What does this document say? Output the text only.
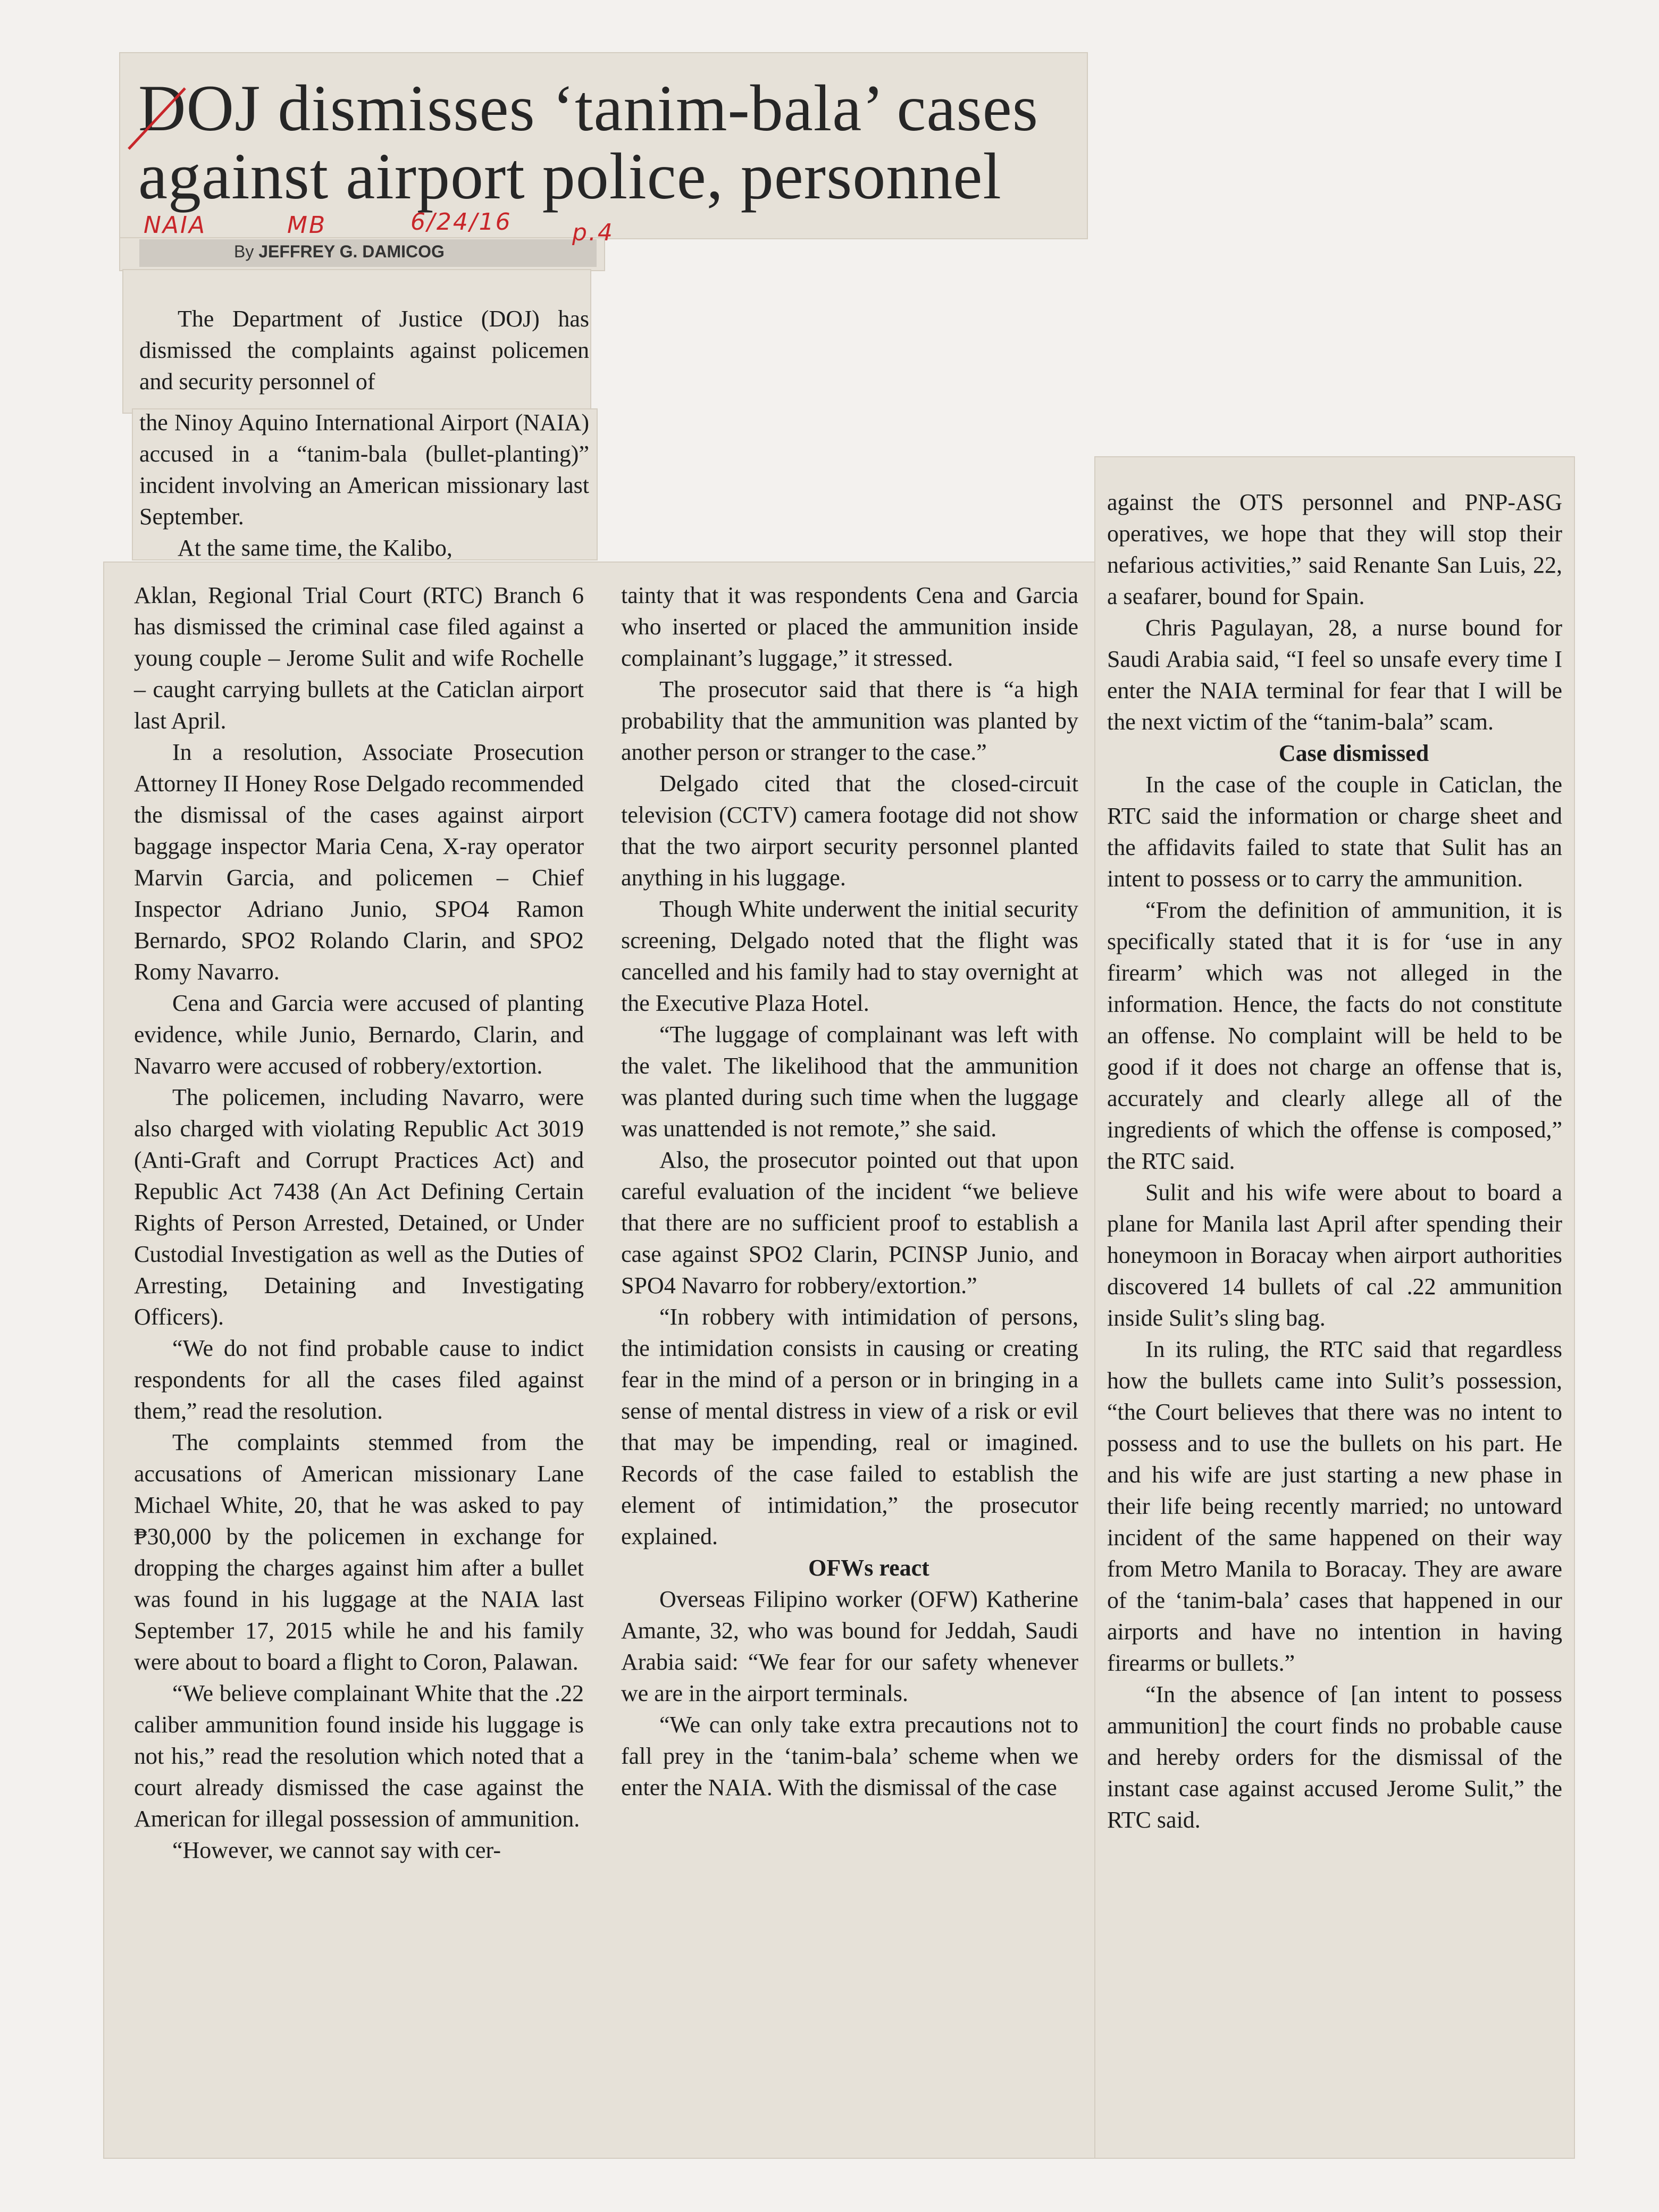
DOJ dismisses ‘tanim-bala’ cases against airport police, personnel
NAIA	MB	6/24/16	p.4
By JEFFREY G. DAMICOG

The Department of Justice (DOJ) has dismissed the complaints against policemen and security personnel of

the Ninoy Aquino International Airport (NAIA) accused in a “tanim-bala (bullet-planting)” incident involving an American missionary last September.

At the same time, the Kalibo,

Aklan, Regional Trial Court (RTC) Branch 6 has dismissed the criminal case filed against a young couple – Jerome Sulit and wife Rochelle – caught carrying bullets at the Caticlan airport last April.

In a resolution, Associate Prosecution Attorney II Honey Rose Delgado recommended the dismissal of the cases against airport baggage inspector Maria Cena, X-ray operator Marvin Garcia, and policemen – Chief Inspector Adriano Junio, SPO4 Ramon Bernardo, SPO2 Rolando Clarin, and SPO2 Romy Navarro.

Cena and Garcia were accused of planting evidence, while Junio, Bernardo, Clarin, and Navarro were accused of robbery/extortion.

The policemen, including Navarro, were also charged with violating Republic Act 3019 (Anti-Graft and Corrupt Practices Act) and Republic Act 7438 (An Act Defining Certain Rights of Person Arrested, Detained, or Under Custodial Investigation as well as the Duties of Arresting, Detaining and Investigating Officers).

“We do not find probable cause to indict respondents for all the cases filed against them,” read the resolution.

The complaints stemmed from the accusations of American missionary Lane Michael White, 20, that he was asked to pay ₱30,000 by the policemen in exchange for dropping the charges against him after a bullet was found in his luggage at the NAIA last September 17, 2015 while he and his family were about to board a flight to Coron, Palawan.

“We believe complainant White that the .22 caliber ammunition found inside his luggage is not his,” read the resolution which noted that a court already dismissed the case against the American for illegal possession of ammunition.

“However, we cannot say with cer-

tainty that it was respondents Cena and Garcia who inserted or placed the ammunition inside complainant’s luggage,” it stressed.

The prosecutor said that there is “a high probability that the ammunition was planted by another person or stranger to the case.”

Delgado cited that the closed-circuit television (CCTV) camera footage did not show that the two airport security personnel planted anything in his luggage.

Though White underwent the initial security screening, Delgado noted that the flight was cancelled and his family had to stay overnight at the Executive Plaza Hotel.

“The luggage of complainant was left with the valet. The likelihood that the ammunition was planted during such time when the luggage was unattended is not remote,” she said.

Also, the prosecutor pointed out that upon careful evaluation of the incident “we believe that there are no sufficient proof to establish a case against SPO2 Clarin, PCINSP Junio, and SPO4 Navarro for robbery/extortion.”

“In robbery with intimidation of persons, the intimidation consists in causing or creating fear in the mind of a person or in bringing in a sense of mental distress in view of a risk or evil that may be impending, real or imagined. Records of the case failed to establish the element of intimidation,” the prosecutor explained.

OFWs react

Overseas Filipino worker (OFW) Katherine Amante, 32, who was bound for Jeddah, Saudi Arabia said: “We fear for our safety whenever we are in the airport terminals.

“We can only take extra precautions not to fall prey in the ‘tanim-bala’ scheme when we enter the NAIA. With the dismissal of the case

against the OTS personnel and PNP-ASG operatives, we hope that they will stop their nefarious activities,” said Renante San Luis, 22, a seafarer, bound for Spain.

Chris Pagulayan, 28, a nurse bound for Saudi Arabia said, “I feel so unsafe every time I enter the NAIA terminal for fear that I will be the next victim of the “tanim-bala” scam.

Case dismissed

In the case of the couple in Caticlan, the RTC said the information or charge sheet and the affidavits failed to state that Sulit has an intent to possess or to carry the ammunition.

“From the definition of ammunition, it is specifically stated that it is for ‘use in any firearm’ which was not alleged in the information. Hence, the facts do not constitute an offense. No complaint will be held to be good if it does not charge an offense that is, accurately and clearly allege all of the ingredients of which the offense is composed,” the RTC said.

Sulit and his wife were about to board a plane for Manila last April after spending their honeymoon in Boracay when airport authorities discovered 14 bullets of cal .22 ammunition inside Sulit’s sling bag.

In its ruling, the RTC said that regardless how the bullets came into Sulit’s possession, “the Court believes that there was no intent to possess and to use the bullets on his part. He and his wife are just starting a new phase in their life being recently married; no untoward incident of the same happened on their way from Metro Manila to Boracay. They are aware of the ‘tanim-bala’ cases that happened in our airports and have no intention in having firearms or bullets.”

“In the absence of [an intent to possess ammunition] the court finds no probable cause and hereby orders for the dismissal of the instant case against accused Jerome Sulit,” the RTC said.
